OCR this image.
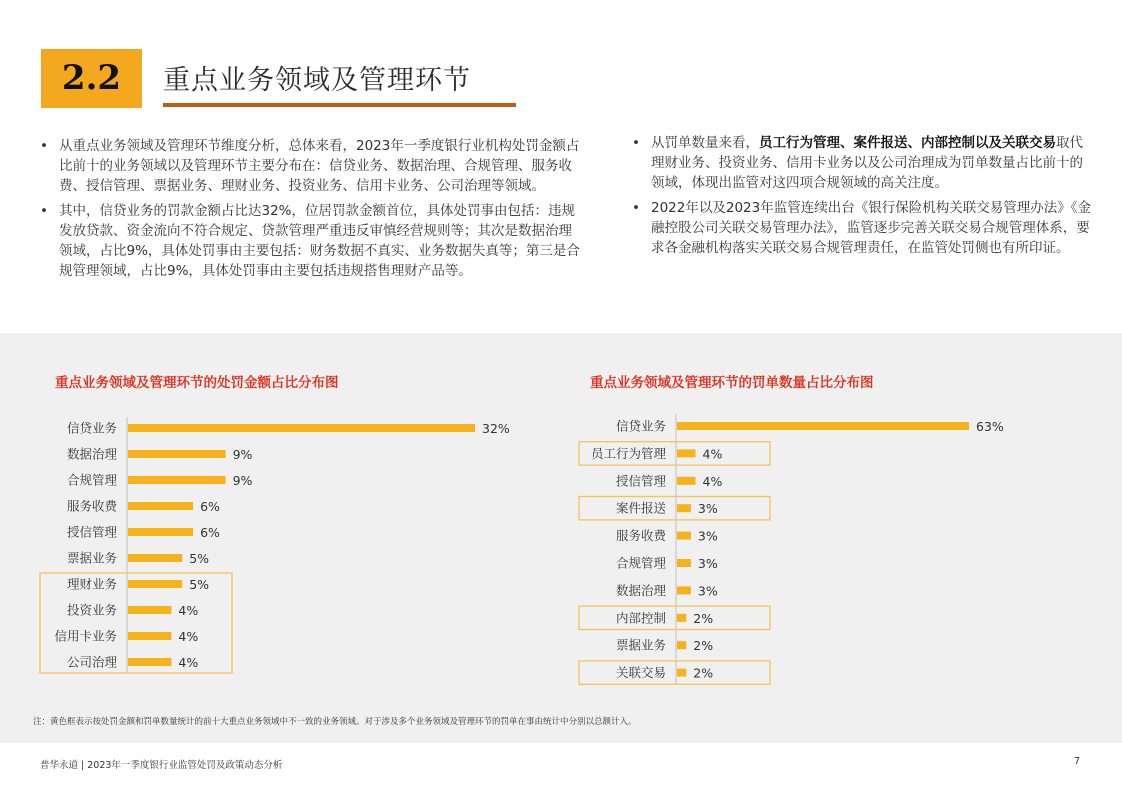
2.2	重点业务领域及管理环节
• 从重点业务领域及管理环节维度分析，总体来看，2023年一季度银行业机构处罚金额占比前十的业务领域以及管理环节主要分布在：信贷业务、数据治理、合规管理、服务收费、授信管理、票据业务、理财业务、投资业务、信用卡业务、公司治理等领域。
• 其中，信贷业务的罚款金额占比达32%，位居罚款金额首位，具体处罚事由包括：违规发放贷款、资金流向不符合规定、贷款管理严重违反审慎经营规则等；其次是数据治理领域，占比9%，具体处罚事由主要包括：财务数据不真实、业务数据失真等；第三是合规管理领域，占比9%，具体处罚事由主要包括违规搭售理财产品等。
• 从罚单数量来看，员工行为管理、案件报送、内部控制以及关联交易取代理财业务、投资业务、信用卡业务以及公司治理成为罚单数量占比前十的领域，体现出监管对这四项合规领域的高关注度。
• 2022年以及2023年监管连续出台《银行保险机构关联交易管理办法》《金融控股公司关联交易管理办法》，监管逐步完善关联交易合规管理体系，要求各金融机构落实关联交易合规管理责任，在监管处罚侧也有所印证。
重点业务领域及管理环节的处罚金额占比分布图	重点业务领域及管理环节的罚单数量占比分布图
信贷业务	32%
数据治理	9%
合规管理	9%
服务收费	6%
授信管理	6%
票据业务	5%
理财业务	5%
投资业务	4%
信用卡业务	4%
公司治理	4%
信贷业务	63%
员工行为管理	4%
授信管理	4%
案件报送	3%
服务收费	3%
合规管理	3%
数据治理	3%
内部控制 2%
票据业务 2%
关联交易 2%
注：黄色框表示按处罚金额和罚单数量统计的前十大重点业务领域中不一致的业务领域。对于涉及多个业务领域及管理环节的罚单在事由统计中分别以总额计入。
普华永道 | 2023年一季度银行业监管处罚及政策动态分析	7
